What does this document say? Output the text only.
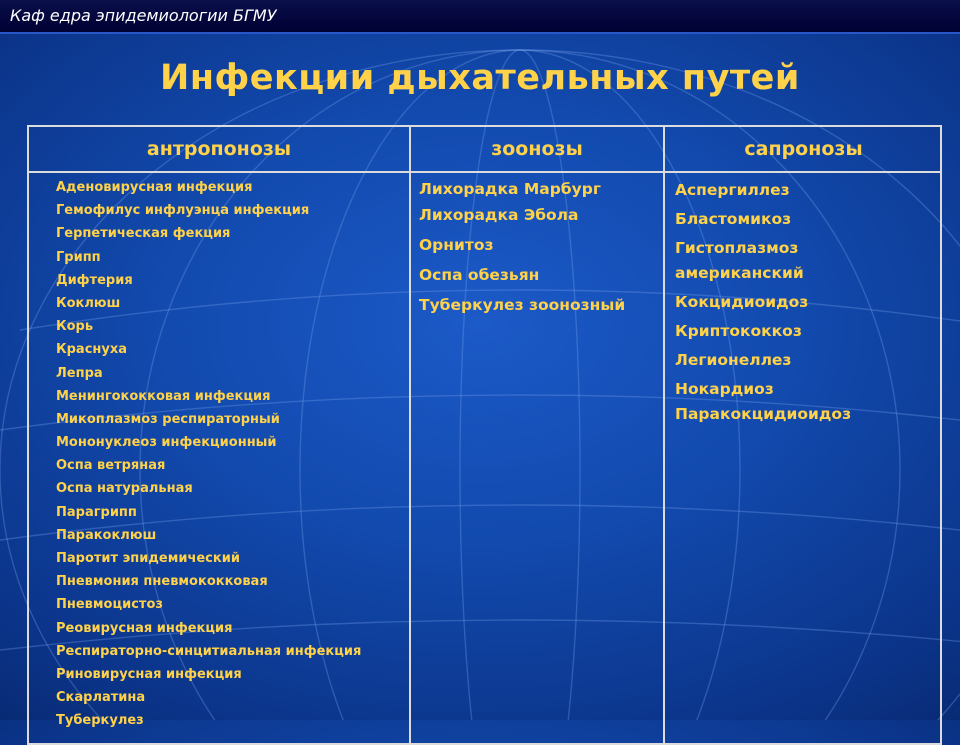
Каф едра эпидемиологии БГМУ
Инфекции дыхательных путей
антропонозы	зоонозы	сапронозы
Аденовирусная инфекция
Гемофилус инфлуэнца инфекция
Герпетическая фекция
Грипп
Дифтерия
Коклюш
Корь
Краснуха
Лепра
Менингококковая инфекция
Микоплазмоз респираторный
Мононуклеоз инфекционный
Оспа ветряная
Оспа натуральная
Парагрипп
Паракоклюш
Паротит эпидемический
Пневмония пневмококковая
Пневмоцистоз
Реовирусная инфекция
Респираторно-синцитиальная инфекция
Риновирусная инфекция
Скарлатина
Туберкулез
Лихорадка Марбург
Лихорадка Эбола
Орнитоз
Оспа обезьян
Туберкулез зоонозный
Аспергиллез
Бластомикоз
Гистоплазмоз
американский
Кокцидиоидоз
Криптококкоз
Легионеллез
Нокардиоз
Паракокцидиоидоз
